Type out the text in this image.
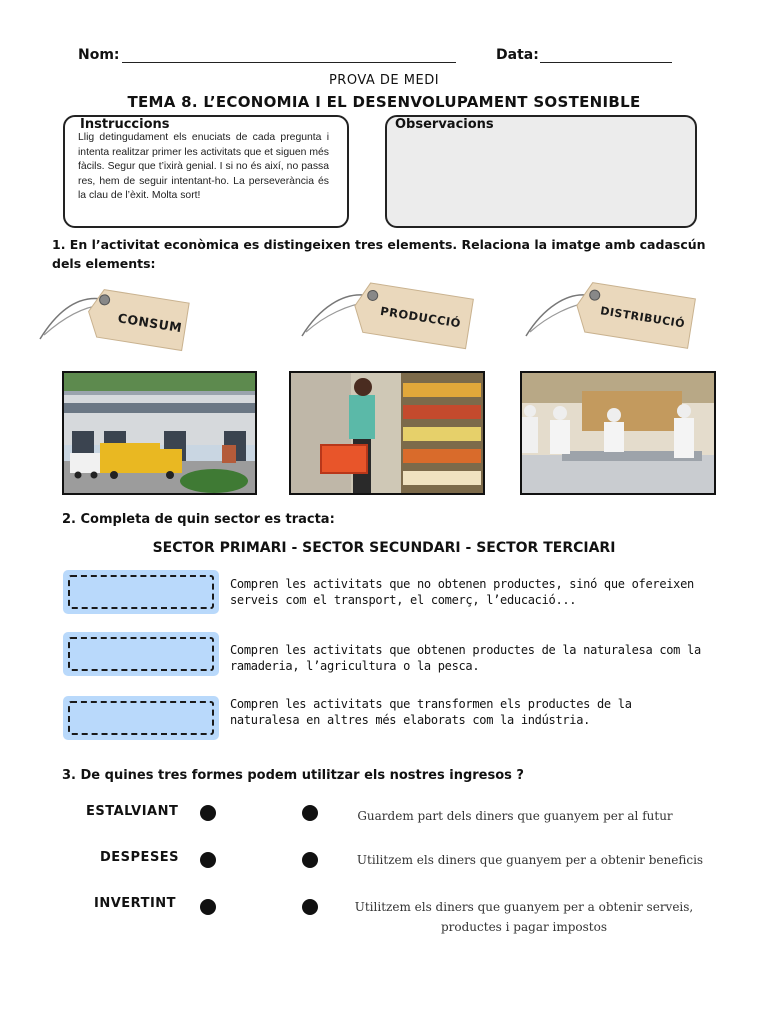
Nom:	Data:
PROVA DE MEDI
TEMA 8. L’ECONOMIA I EL DESENVOLUPAMENT SOSTENIBLE
Instruccions
Llig detingudament els enuciats de cada pregunta i intenta realitzar primer les activitats que et siguen més fàcils. Segur que t’ixirà genial. I si no és així, no passa res, hem de seguir intentant-ho. La perseverància és la clau de l’èxit. Molta sort!
Observacions
1. En l’activitat econòmica es distingeixen tres elements. Relaciona la imatge amb cadascún dels elements:
CONSUM	PRODUCCIÓ	DISTRIBUCIÓ
2. Completa de quin sector es tracta:
SECTOR PRIMARI - SECTOR SECUNDARI - SECTOR TERCIARI
Compren les activitats que no obtenen productes, sinó que ofereixen serveis com el transport, el comerç, l’educació...
Compren les activitats que obtenen productes de la naturalesa com la ramaderia, l’agricultura o la pesca.
Compren les activitats que transformen els productes de la naturalesa en altres més elaborats com la indústria.
3. De quines tres formes podem utilitzar els nostres ingresos ?
ESTALVIANT	Guardem part dels diners que guanyem per al futur
DESPESES	Utilitzem els diners que guanyem per a obtenir beneficis
INVERTINT	Utilitzem els diners que guanyem per a obtenir serveis, productes i pagar impostos
